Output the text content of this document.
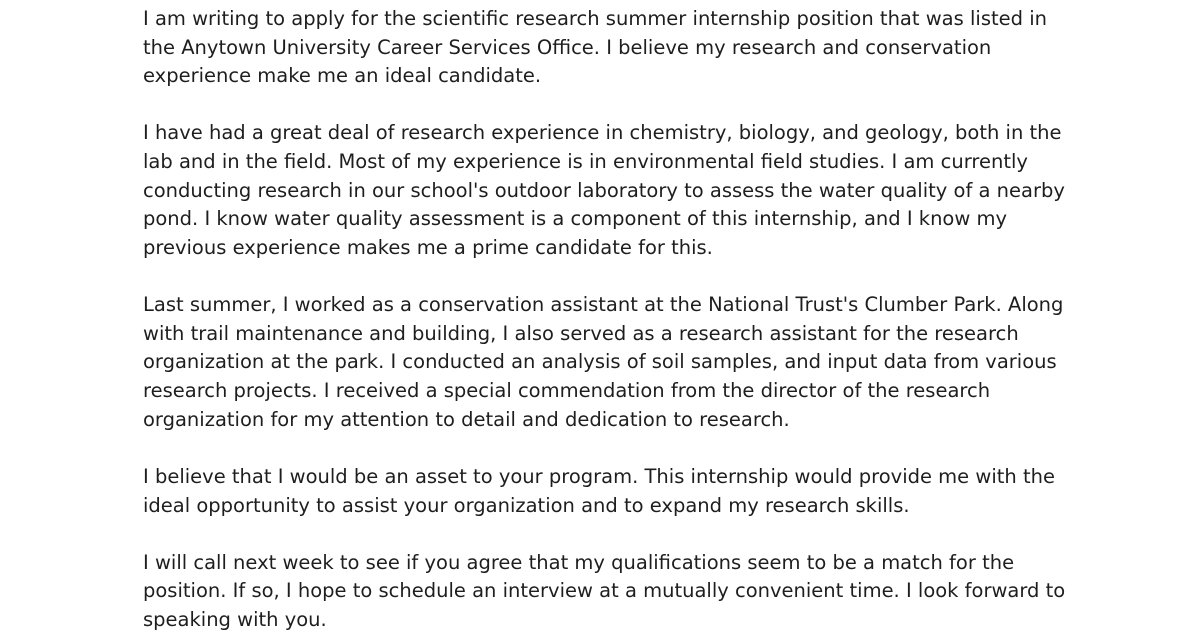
I am writing to apply for the scientific research summer internship position that was listed in
the Anytown University Career Services Office. I believe my research and conservation
experience make me an ideal candidate.
I have had a great deal of research experience in chemistry, biology, and geology, both in the
lab and in the field. Most of my experience is in environmental field studies. I am currently
conducting research in our school's outdoor laboratory to assess the water quality of a nearby
pond. I know water quality assessment is a component of this internship, and I know my
previous experience makes me a prime candidate for this.
Last summer, I worked as a conservation assistant at the National Trust's Clumber Park. Along
with trail maintenance and building, I also served as a research assistant for the research
organization at the park. I conducted an analysis of soil samples, and input data from various
research projects. I received a special commendation from the director of the research
organization for my attention to detail and dedication to research.
I believe that I would be an asset to your program. This internship would provide me with the
ideal opportunity to assist your organization and to expand my research skills.
I will call next week to see if you agree that my qualifications seem to be a match for the
position. If so, I hope to schedule an interview at a mutually convenient time. I look forward to
speaking with you.
